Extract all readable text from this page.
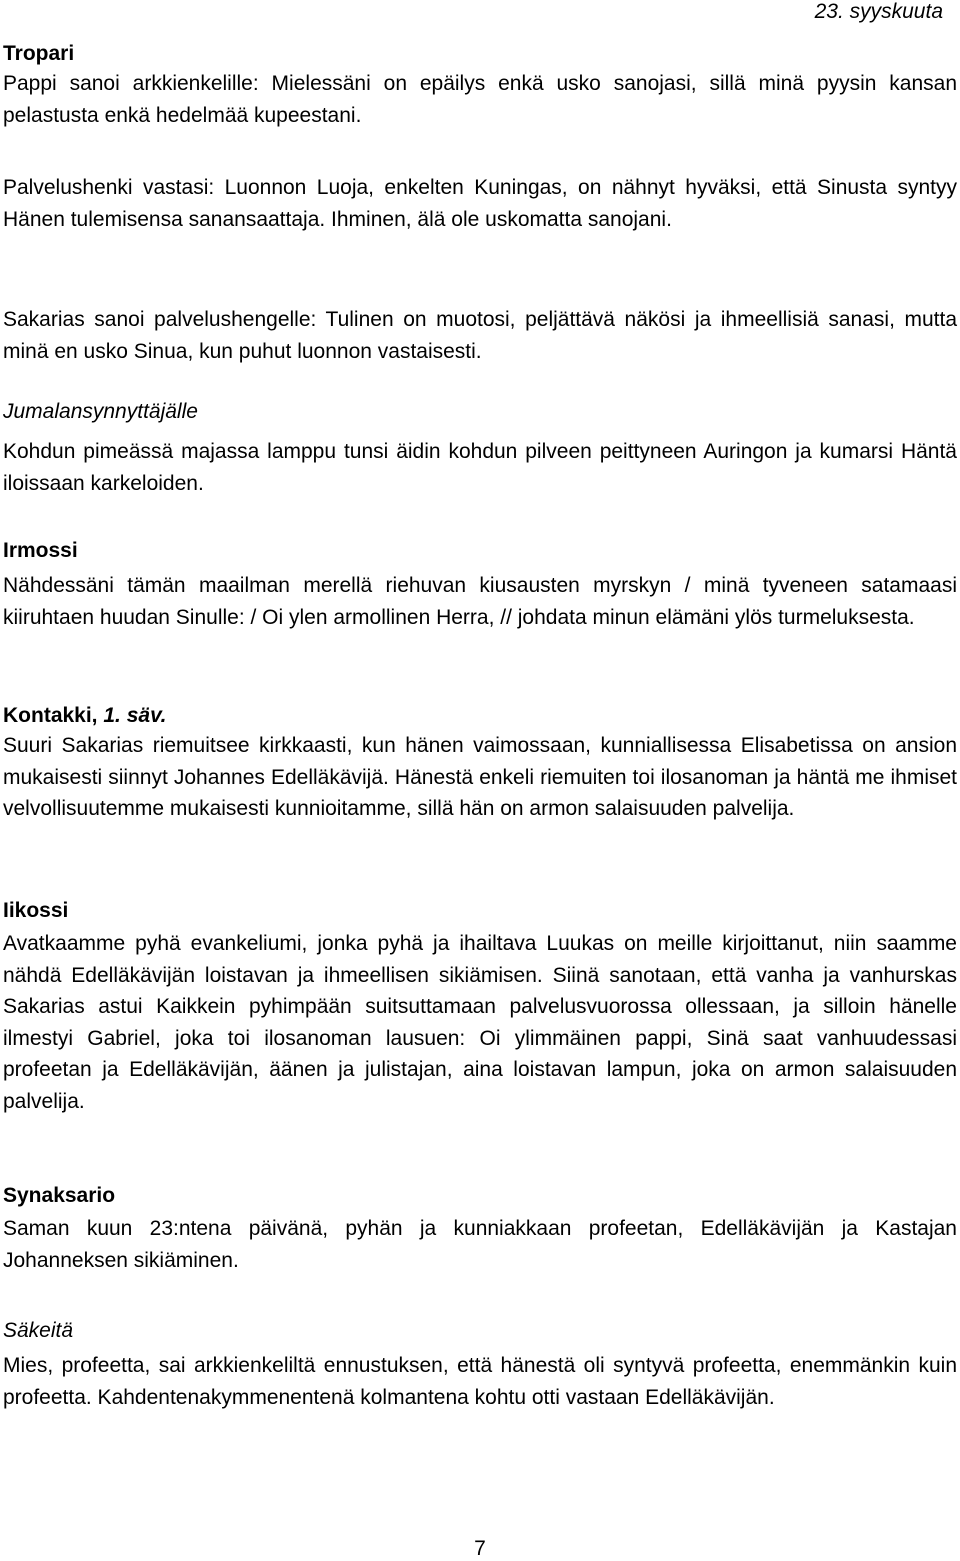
23. syyskuuta
Tropari

Pappi sanoi arkkienkelille: Mielessäni on epäilys enkä usko sanojasi, sillä minä pyysin kansan pelastusta enkä hedelmää kupeestani.

Palvelushenki vastasi: Luonnon Luoja, enkelten Kuningas, on nähnyt hyväksi, että Sinusta syntyy Hänen tulemisensa sanansaattaja. Ihminen, älä ole uskomatta sanojani.

Sakarias sanoi palvelushengelle: Tulinen on muotosi, peljättävä näkösi ja ihmeellisiä sanasi, mutta minä en usko Sinua, kun puhut luonnon vastaisesti.

Jumalansynnyttäjälle

Kohdun pimeässä majassa lamppu tunsi äidin kohdun pilveen peittyneen Auringon ja kumarsi Häntä iloissaan karkeloiden.

Irmossi

Nähdessäni tämän maailman merellä riehuvan kiusausten myrskyn / minä tyveneen satamaasi kiiruhtaen huudan Sinulle: / Oi ylen armollinen Herra, // johdata minun elämäni ylös turmeluksesta.

Kontakki, 1. säv.

Suuri Sakarias riemuitsee kirkkaasti, kun hänen vaimossaan, kunniallisessa Elisabetissa on ansion mukaisesti siinnyt Johannes Edelläkävijä. Hänestä enkeli riemuiten toi ilosanoman ja häntä me ihmiset velvollisuutemme mukaisesti kunnioitamme, sillä hän on armon salaisuuden palvelija.

Iikossi

Avatkaamme pyhä evankeliumi, jonka pyhä ja ihailtava Luukas on meille kirjoittanut, niin saamme nähdä Edelläkävijän loistavan ja ihmeellisen sikiämisen. Siinä sanotaan, että vanha ja vanhurskas Sakarias astui Kaikkein pyhimpään suitsuttamaan palvelusvuorossa ollessaan, ja silloin hänelle ilmestyi Gabriel, joka toi ilosanoman lausuen: Oi ylimmäinen pappi, Sinä saat vanhuudessasi profeetan ja Edelläkävijän, äänen ja julistajan, aina loistavan lampun, joka on armon salaisuuden palvelija.

Synaksario

Saman kuun 23:ntena päivänä, pyhän ja kunniakkaan profeetan, Edelläkävijän ja Kastajan Johanneksen sikiäminen.

Säkeitä

Mies, profeetta, sai arkkienkeliltä ennustuksen, että hänestä oli syntyvä profeetta, enemmänkin kuin profeetta. Kahdentenakymmenentenä kolmantena kohtu otti vastaan Edelläkävijän.

7
